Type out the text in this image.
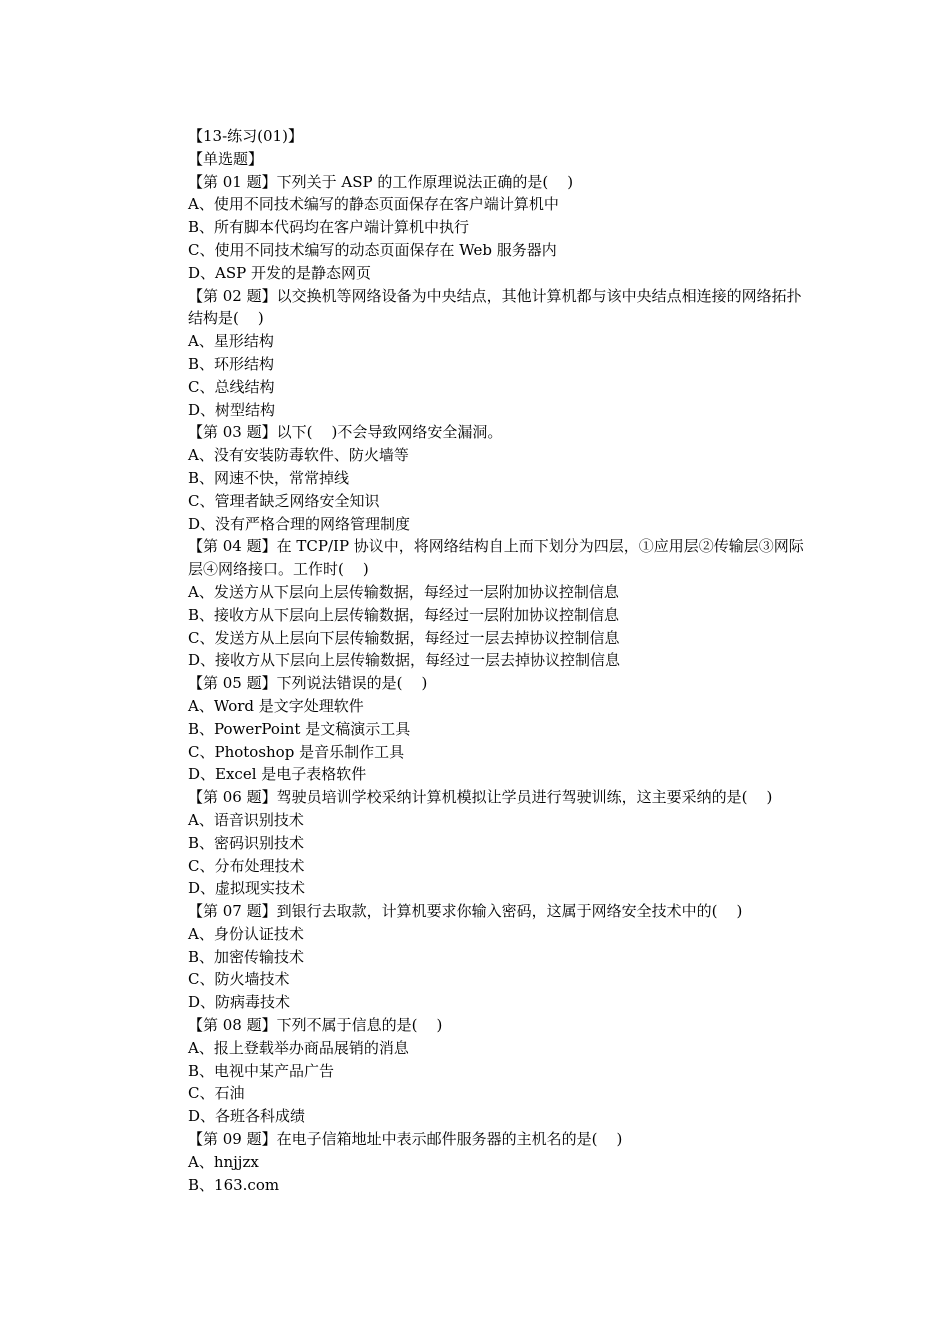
【13-练习(01)】
【单选题】
【第 01 题】下列关于 ASP 的工作原理说法正确的是(    )
A、使用不同技术编写的静态页面保存在客户端计算机中
B、所有脚本代码均在客户端计算机中执行
C、使用不同技术编写的动态页面保存在 Web 服务器内
D、ASP 开发的是静态网页
【第 02 题】以交换机等网络设备为中央结点，其他计算机都与该中央结点相连接的网络拓扑结构是(    )
A、星形结构
B、环形结构
C、总线结构
D、树型结构
【第 03 题】以下(    )不会导致网络安全漏洞。
A、没有安装防毒软件、防火墙等
B、网速不快，常常掉线
C、管理者缺乏网络安全知识
D、没有严格合理的网络管理制度
【第 04 题】在 TCP/IP 协议中，将网络结构自上而下划分为四层，①应用层②传输层③网际层④网络接口。工作时(    )
A、发送方从下层向上层传输数据，每经过一层附加协议控制信息
B、接收方从下层向上层传输数据，每经过一层附加协议控制信息
C、发送方从上层向下层传输数据，每经过一层去掉协议控制信息
D、接收方从下层向上层传输数据，每经过一层去掉协议控制信息
【第 05 题】下列说法错误的是(    )
A、Word 是文字处理软件
B、PowerPoint 是文稿演示工具
C、Photoshop 是音乐制作工具
D、Excel 是电子表格软件
【第 06 题】驾驶员培训学校采纳计算机模拟让学员进行驾驶训练，这主要采纳的是(    )
A、语音识别技术
B、密码识别技术
C、分布处理技术
D、虚拟现实技术
【第 07 题】到银行去取款，计算机要求你输入密码，这属于网络安全技术中的(    )
A、身份认证技术
B、加密传输技术
C、防火墙技术
D、防病毒技术
【第 08 题】下列不属于信息的是(    )
A、报上登载举办商品展销的消息
B、电视中某产品广告
C、石油
D、各班各科成绩
【第 09 题】在电子信箱地址中表示邮件服务器的主机名的是(    )
A、hnjjzx
B、163.com
